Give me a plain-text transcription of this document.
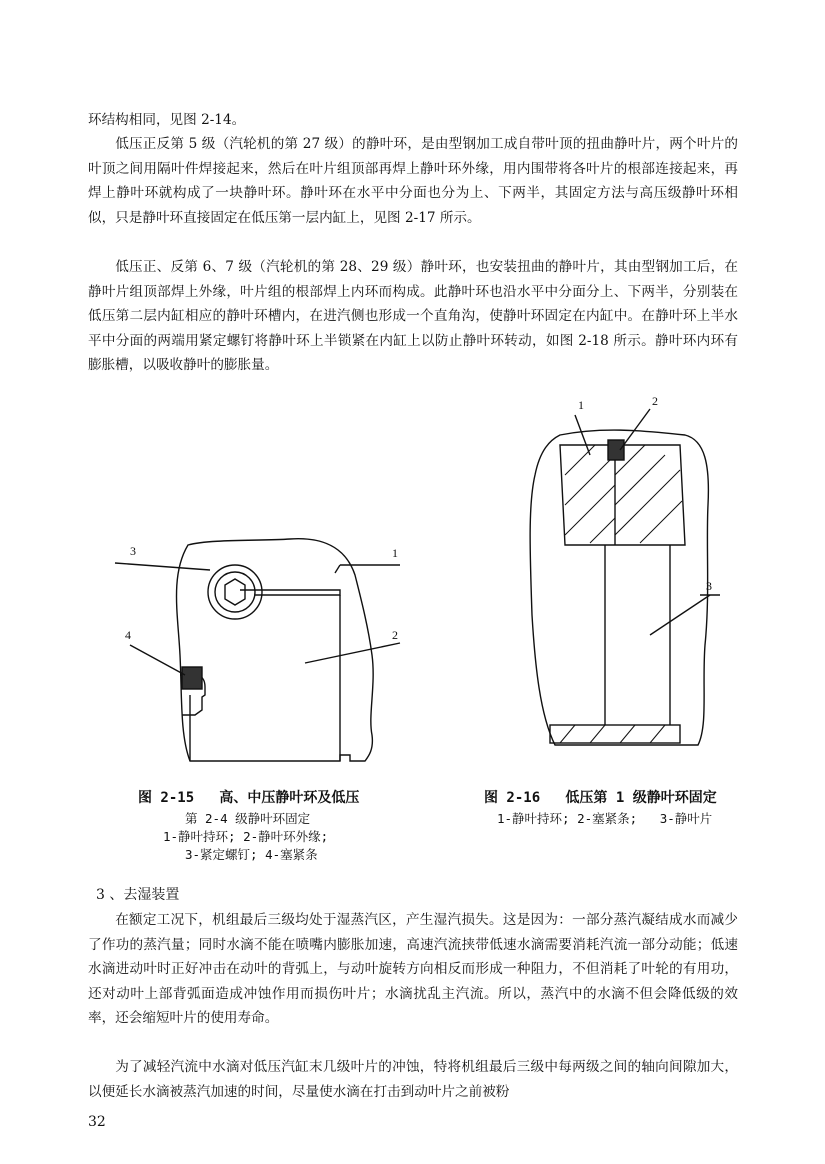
环结构相同，见图 2-14。

低压正反第 5 级（汽轮机的第 27 级）的静叶环，是由型钢加工成自带叶顶的扭曲静叶片，两个叶片的叶顶之间用隔叶件焊接起来，然后在叶片组顶部再焊上静叶环外缘，用内围带将各叶片的根部连接起来，再焊上静叶环就构成了一块静叶环。静叶环在水平中分面也分为上、下两半，其固定方法与高压级静叶环相似，只是静叶环直接固定在低压第一层内缸上，见图 2-17 所示。

低压正、反第 6、7 级（汽轮机的第 28、29 级）静叶环，也安装扭曲的静叶片，其由型钢加工后，在静叶片组顶部焊上外缘，叶片组的根部焊上内环而构成。此静叶环也沿水平中分面分上、下两半，分别装在低压第二层内缸相应的静叶环槽内，在进汽侧也形成一个直角沟，使静叶环固定在内缸中。在静叶环上半水平中分面的两端用紧定螺钉将静叶环上半锁紧在内缸上以防止静叶环转动，如图 2-18 所示。静叶环内环有膨胀槽，以吸收静叶的膨胀量。

3	1
4	2
1	2
3
图 2-15   高、中压静叶环及低压
第 2-4 级静叶环固定
1-静叶持环; 2-静叶环外缘;
3-紧定螺钉; 4-塞紧条
图 2-16   低压第 1 级静叶环固定
1-静叶持环; 2-塞紧条;   3-静叶片

3 、去湿装置

在额定工况下，机组最后三级均处于湿蒸汽区，产生湿汽损失。这是因为：一部分蒸汽凝结成水而减少了作功的蒸汽量；同时水滴不能在喷嘴内膨胀加速，高速汽流挟带低速水滴需要消耗汽流一部分动能；低速水滴进动叶时正好冲击在动叶的背弧上，与动叶旋转方向相反而形成一种阻力，不但消耗了叶轮的有用功，还对动叶上部背弧面造成冲蚀作用而损伤叶片；水滴扰乱主汽流。所以，蒸汽中的水滴不但会降低级的效率，还会缩短叶片的使用寿命。

为了减轻汽流中水滴对低压汽缸末几级叶片的冲蚀，特将机组最后三级中每两级之间的轴向间隙加大，以便延长水滴被蒸汽加速的时间，尽量使水滴在打击到动叶片之前被粉

32
